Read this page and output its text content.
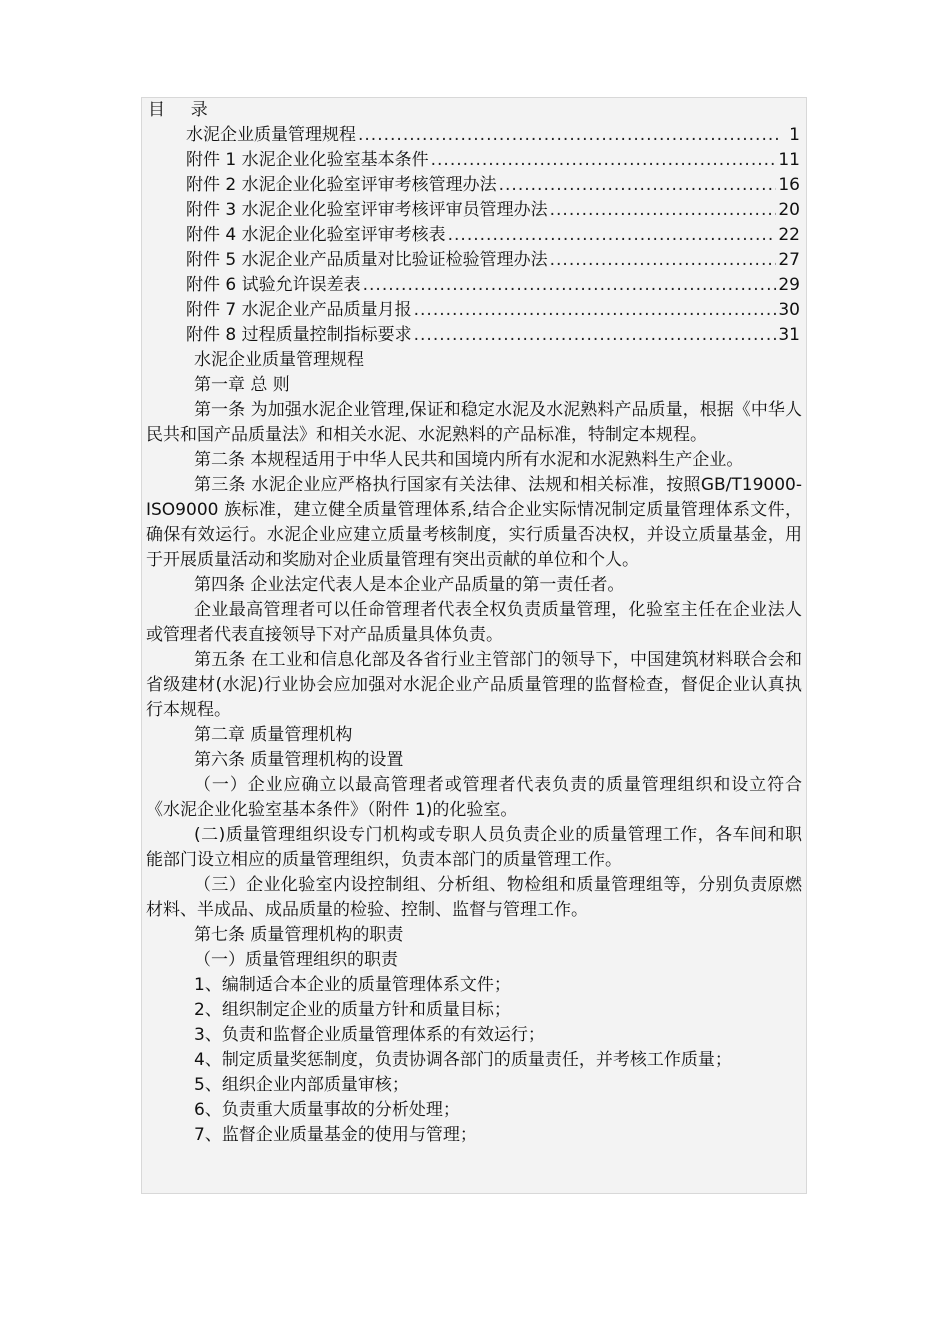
目 录
水泥企业质量管理规程 .....	1
附件 1 水泥企业化验室基本条件 .....	11
附件 2 水泥企业化验室评审考核管理办法 .....	16
附件 3 水泥企业化验室评审考核评审员管理办法 .....	20
附件 4 水泥企业化验室评审考核表 .....	22
附件 5 水泥企业产品质量对比验证检验管理办法 .....	27
附件 6 试验允许误差表 .....	29
附件 7 水泥企业产品质量月报 .....	30
附件 8 过程质量控制指标要求 .....	31
水泥企业质量管理规程
第一章 总 则
第一条 为加强水泥企业管理,保证和稳定水泥及水泥熟料产品质量，根据《中华人民共和国产品质量法》和相关水泥、水泥熟料的产品标准，特制定本规程。
第二条 本规程适用于中华人民共和国境内所有水泥和水泥熟料生产企业。
第三条 水泥企业应严格执行国家有关法律、法规和相关标准，按照GB/T19000-ISO9000 族标准，建立健全质量管理体系,结合企业实际情况制定质量管理体系文件，确保有效运行。水泥企业应建立质量考核制度，实行质量否决权，并设立质量基金，用于开展质量活动和奖励对企业质量管理有突出贡献的单位和个人。
第四条 企业法定代表人是本企业产品质量的第一责任者。
企业最高管理者可以任命管理者代表全权负责质量管理，化验室主任在企业法人或管理者代表直接领导下对产品质量具体负责。
第五条 在工业和信息化部及各省行业主管部门的领导下，中国建筑材料联合会和省级建材(水泥)行业协会应加强对水泥企业产品质量管理的监督检查，督促企业认真执行本规程。
第二章 质量管理机构
第六条 质量管理机构的设置
（一）企业应确立以最高管理者或管理者代表负责的质量管理组织和设立符合《水泥企业化验室基本条件》（附件 1)的化验室。
(二)质量管理组织设专门机构或专职人员负责企业的质量管理工作，各车间和职能部门设立相应的质量管理组织，负责本部门的质量管理工作。
（三）企业化验室内设控制组、分析组、物检组和质量管理组等，分别负责原燃材料、半成品、成品质量的检验、控制、监督与管理工作。
第七条 质量管理机构的职责
（一）质量管理组织的职责
1、编制适合本企业的质量管理体系文件；
2、组织制定企业的质量方针和质量目标；
3、负责和监督企业质量管理体系的有效运行；
4、制定质量奖惩制度，负责协调各部门的质量责任，并考核工作质量；
5、组织企业内部质量审核；
6、负责重大质量事故的分析处理；
7、监督企业质量基金的使用与管理；
